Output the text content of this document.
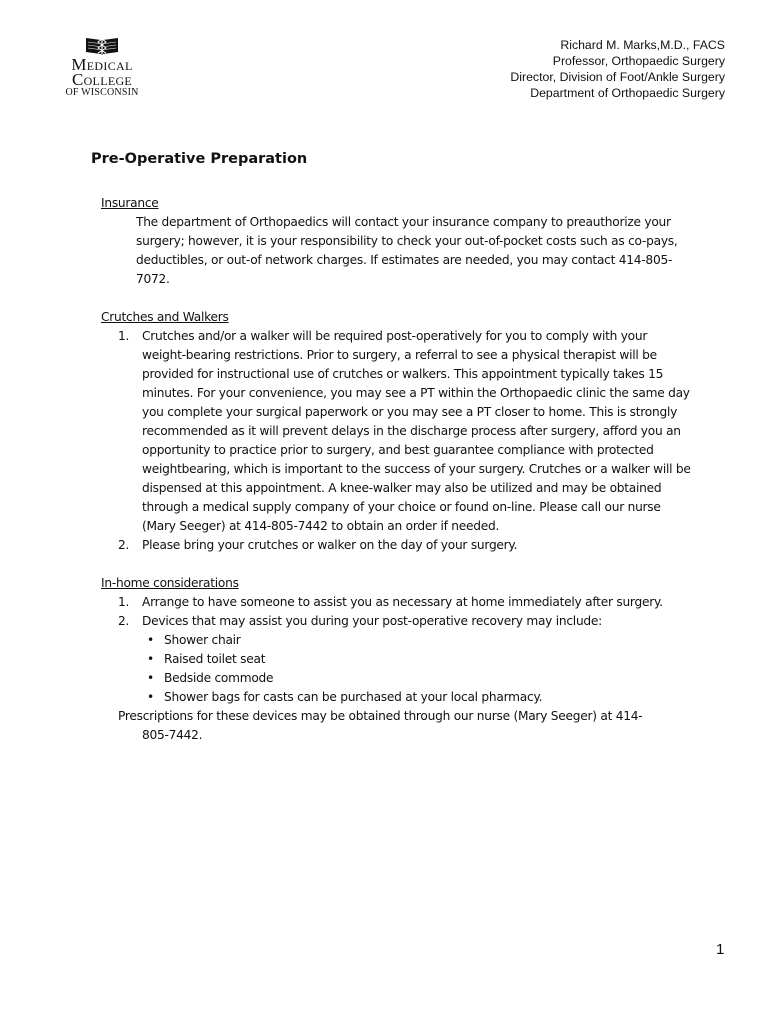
Medical
College
OF WISCONSIN
Richard M. Marks,M.D., FACS
Professor, Orthopaedic Surgery
Director, Division of Foot/Ankle Surgery
Department of Orthopaedic Surgery
Pre-Operative Preparation

Insurance

The department of Orthopaedics will contact your insurance company to preauthorize your surgery; however, it is your responsibility to check your out-of-pocket costs such as co-pays, deductibles, or out-of network charges. If estimates are needed, you may contact 414-805-7072.

Crutches and Walkers

1. Crutches and/or a walker will be required post-operatively for you to comply with your weight-bearing restrictions. Prior to surgery, a referral to see a physical therapist will be provided for instructional use of crutches or walkers. This appointment typically takes 15 minutes. For your convenience, you may see a PT within the Orthopaedic clinic the same day you complete your surgical paperwork or you may see a PT closer to home. This is strongly recommended as it will prevent delays in the discharge process after surgery, afford you an opportunity to practice prior to surgery, and best guarantee compliance with protected weightbearing, which is important to the success of your surgery. Crutches or a walker will be dispensed at this appointment. A knee-walker may also be utilized and may be obtained through a medical supply company of your choice or found on-line. Please call our nurse (Mary Seeger) at 414-805-7442 to obtain an order if needed.
2. Please bring your crutches or walker on the day of your surgery.

In-home considerations

1. Arrange to have someone to assist you as necessary at home immediately after surgery.
2. Devices that may assist you during your post-operative recovery may include:
• Shower chair
• Raised toilet seat
• Bedside commode
• Shower bags for casts can be purchased at your local pharmacy.

Prescriptions for these devices may be obtained through our nurse (Mary Seeger) at 414-
805-7442.

1
